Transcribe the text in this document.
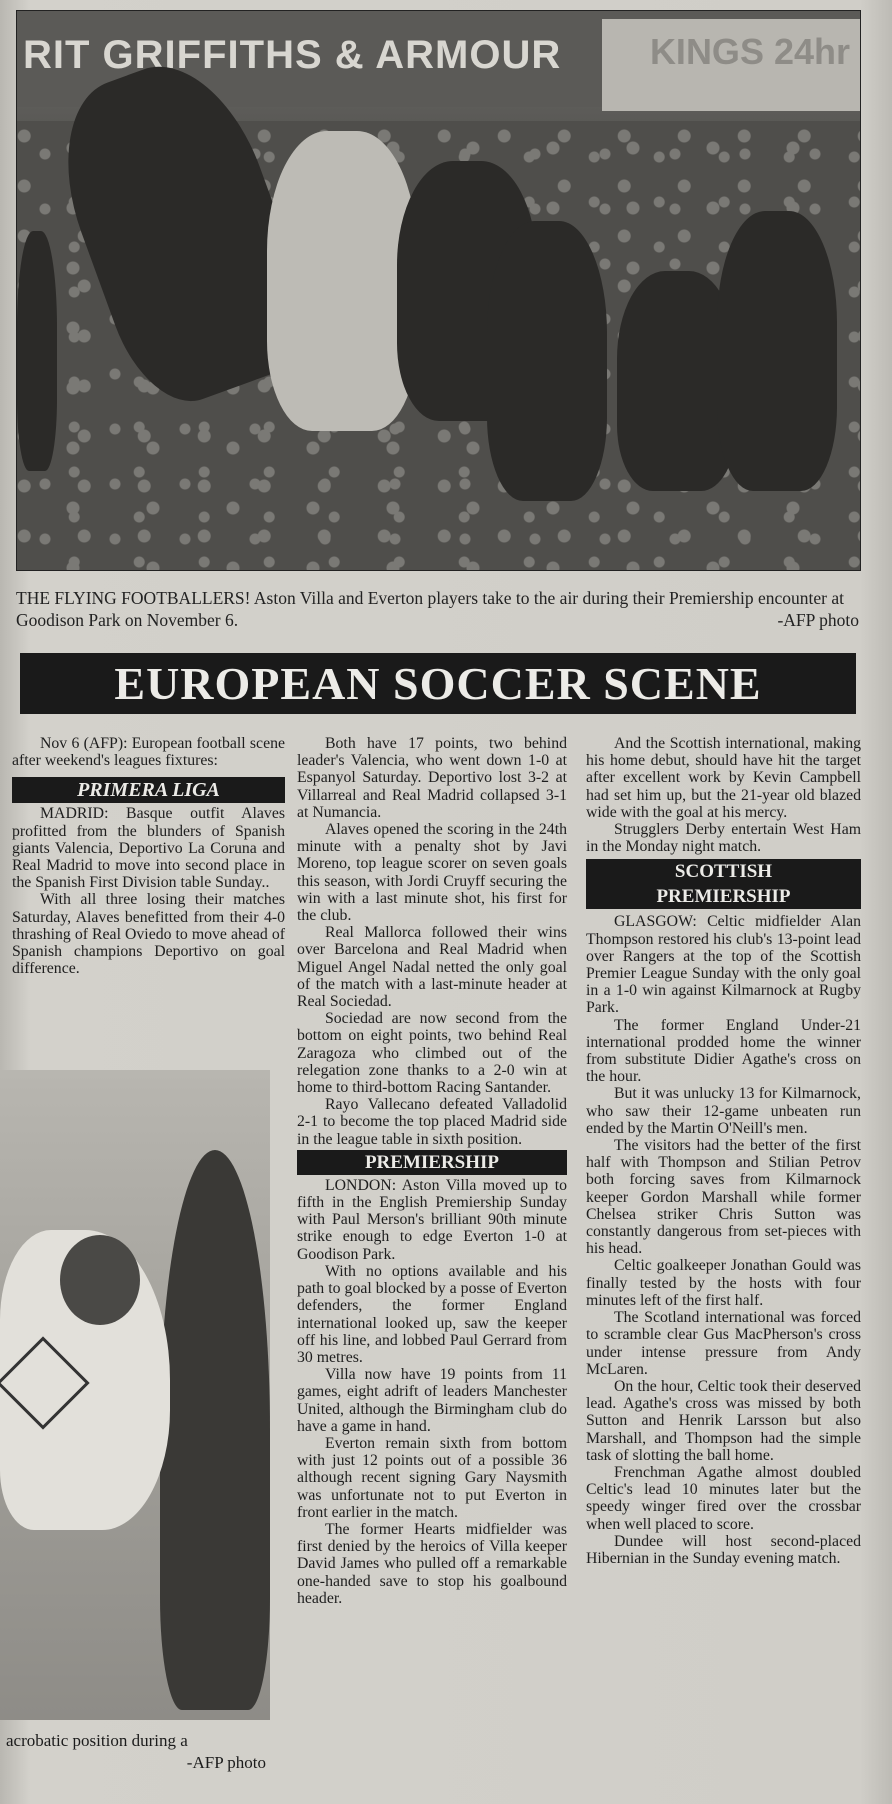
RIT GRIFFITHS & ARMOUR KINGS 24hr
THE FLYING FOOTBALLERS! Aston Villa and Everton players take to the air during their Premiership encounter at Goodison Park on November 6.	-AFP photo
EUROPEAN SOCCER SCENE

Nov 6 (AFP): European football scene after weekend's leagues fixtures:

PRIMERA LIGA

MADRID: Basque outfit Alaves profitted from the blunders of Spanish giants Valencia, Deportivo La Coruna and Real Madrid to move into second place in the Spanish First Division table Sunday..

With all three losing their matches Saturday, Alaves benefitted from their 4-0 thrashing of Real Oviedo to move ahead of Spanish champions Deportivo on goal difference.

acrobatic position during a
-AFP photo

Both have 17 points, two behind leader's Valencia, who went down 1-0 at Espanyol Saturday. Deportivo lost 3-2 at Villarreal and Real Madrid collapsed 3-1 at Numancia.

Alaves opened the scoring in the 24th minute with a penalty shot by Javi Moreno, top league scorer on seven goals this season, with Jordi Cruyff securing the win with a last minute shot, his first for the club.

Real Mallorca followed their wins over Barcelona and Real Madrid when Miguel Angel Nadal netted the only goal of the match with a last-minute header at Real Sociedad.

Sociedad are now second from the bottom on eight points, two behind Real Zaragoza who climbed out of the relegation zone thanks to a 2-0 win at home to third-bottom Racing Santander.

Rayo Vallecano defeated Valladolid 2-1 to become the top placed Madrid side in the league table in sixth position.

PREMIERSHIP

LONDON: Aston Villa moved up to fifth in the English Premiership Sunday with Paul Merson's brilliant 90th minute strike enough to edge Everton 1-0 at Goodison Park.

With no options available and his path to goal blocked by a posse of Everton defenders, the former England international looked up, saw the keeper off his line, and lobbed Paul Gerrard from 30 metres.

Villa now have 19 points from 11 games, eight adrift of leaders Manchester United, although the Birmingham club do have a game in hand.

Everton remain sixth from bottom with just 12 points out of a possible 36 although recent signing Gary Naysmith was unfortunate not to put Everton in front earlier in the match.

The former Hearts midfielder was first denied by the heroics of Villa keeper David James who pulled off a remarkable one-handed save to stop his goalbound header.

And the Scottish international, making his home debut, should have hit the target after excellent work by Kevin Campbell had set him up, but the 21-year old blazed wide with the goal at his mercy.

Strugglers Derby entertain West Ham in the Monday night match.

SCOTTISH PREMIERSHIP

GLASGOW: Celtic midfielder Alan Thompson restored his club's 13-point lead over Rangers at the top of the Scottish Premier League Sunday with the only goal in a 1-0 win against Kilmarnock at Rugby Park.

The former England Under-21 international prodded home the winner from substitute Didier Agathe's cross on the hour.

But it was unlucky 13 for Kilmarnock, who saw their 12-game unbeaten run ended by the Martin O'Neill's men.

The visitors had the better of the first half with Thompson and Stilian Petrov both forcing saves from Kilmarnock keeper Gordon Marshall while former Chelsea striker Chris Sutton was constantly dangerous from set-pieces with his head.

Celtic goalkeeper Jonathan Gould was finally tested by the hosts with four minutes left of the first half.

The Scotland international was forced to scramble clear Gus MacPherson's cross under intense pressure from Andy McLaren.

On the hour, Celtic took their deserved lead. Agathe's cross was missed by both Sutton and Henrik Larsson but also Marshall, and Thompson had the simple task of slotting the ball home.

Frenchman Agathe almost doubled Celtic's lead 10 minutes later but the speedy winger fired over the crossbar when well placed to score.

Dundee will host second-placed Hibernian in the Sunday evening match.
